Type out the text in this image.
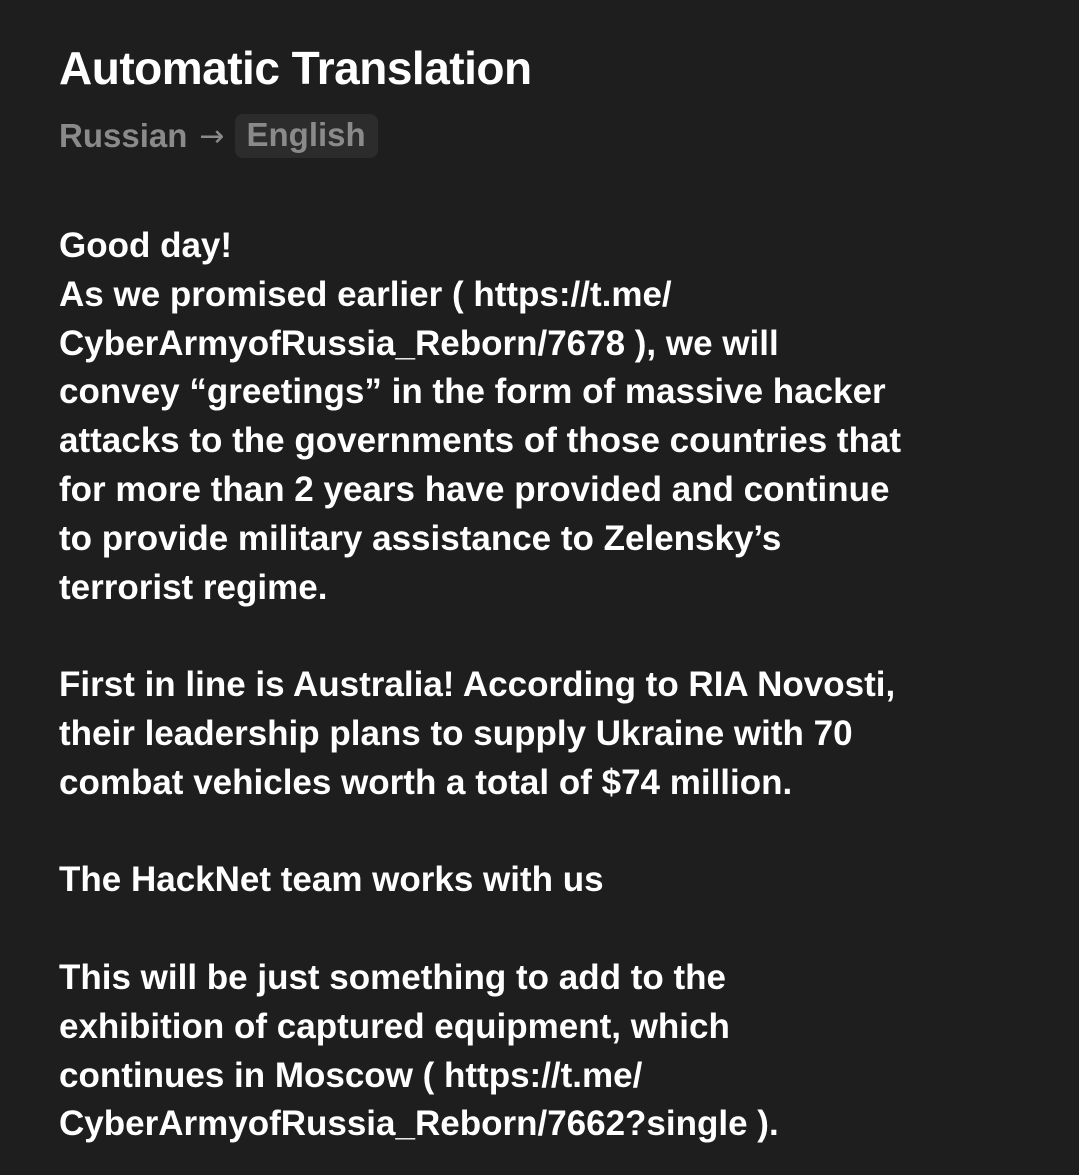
Automatic Translation
Russian → English

Good day!
As we promised earlier ( https://t.me/
CyberArmyofRussia_Reborn/7678 ), we will
convey “greetings” in the form of massive hacker
attacks to the governments of those countries that
for more than 2 years have provided and continue
to provide military assistance to Zelensky’s
terrorist regime.

First in line is Australia! According to RIA Novosti,
their leadership plans to supply Ukraine with 70
combat vehicles worth a total of $74 million.

The HackNet team works with us

This will be just something to add to the
exhibition of captured equipment, which
continues in Moscow ( https://t.me/
CyberArmyofRussia_Reborn/7662?single ).
